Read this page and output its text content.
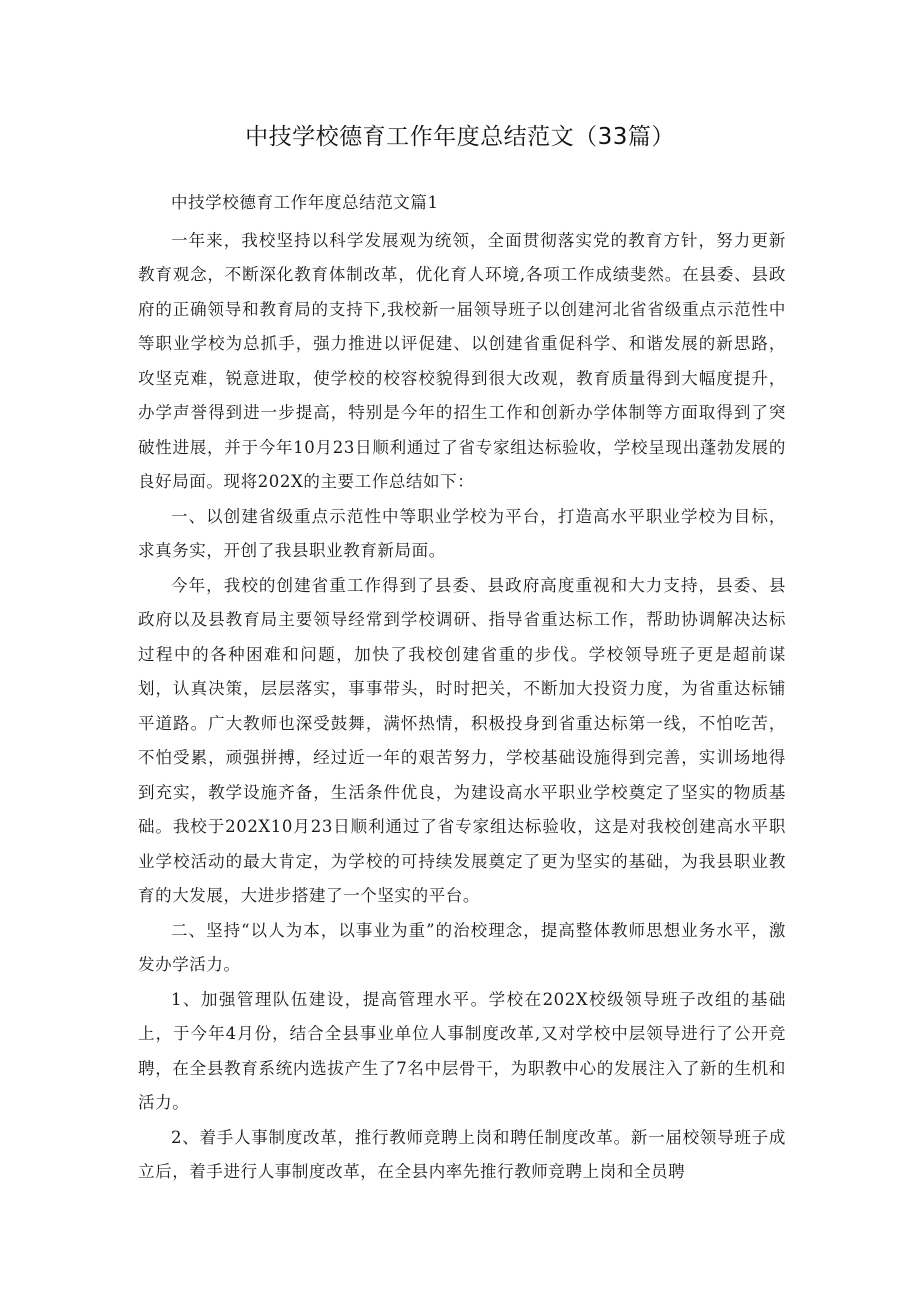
中技学校德育工作年度总结范文（33篇）

中技学校德育工作年度总结范文篇1

一年来，我校坚持以科学发展观为统领，全面贯彻落实党的教育方针，努力更新教育观念，不断深化教育体制改革，优化育人环境,各项工作成绩斐然。在县委、县政府的正确领导和教育局的支持下,我校新一届领导班子以创建河北省省级重点示范性中等职业学校为总抓手，强力推进以评促建、以创建省重促科学、和谐发展的新思路，攻坚克难，锐意进取，使学校的校容校貌得到很大改观，教育质量得到大幅度提升，办学声誉得到进一步提高，特别是今年的招生工作和创新办学体制等方面取得到了突破性进展，并于今年10月23日顺利通过了省专家组达标验收，学校呈现出蓬勃发展的良好局面。现将202X的主要工作总结如下：

一、以创建省级重点示范性中等职业学校为平台，打造高水平职业学校为目标，求真务实，开创了我县职业教育新局面。

今年，我校的创建省重工作得到了县委、县政府高度重视和大力支持，县委、县政府以及县教育局主要领导经常到学校调研、指导省重达标工作，帮助协调解决达标过程中的各种困难和问题，加快了我校创建省重的步伐。学校领导班子更是超前谋划，认真决策，层层落实，事事带头，时时把关，不断加大投资力度，为省重达标铺平道路。广大教师也深受鼓舞，满怀热情，积极投身到省重达标第一线，不怕吃苦，不怕受累，顽强拼搏，经过近一年的艰苦努力，学校基础设施得到完善，实训场地得到充实，教学设施齐备，生活条件优良，为建设高水平职业学校奠定了坚实的物质基础。我校于202X10月23日顺利通过了省专家组达标验收，这是对我校创建高水平职业学校活动的最大肯定，为学校的可持续发展奠定了更为坚实的基础，为我县职业教育的大发展，大进步搭建了一个坚实的平台。

二、坚持“以人为本，以事业为重”的治校理念，提高整体教师思想业务水平，激发办学活力。

1、加强管理队伍建设，提高管理水平。学校在202X校级领导班子改组的基础上，于今年4月份，结合全县事业单位人事制度改革,又对学校中层领导进行了公开竞聘，在全县教育系统内选拔产生了7名中层骨干，为职教中心的发展注入了新的生机和活力。

2、着手人事制度改革，推行教师竞聘上岗和聘任制度改革。新一届校领导班子成立后，着手进行人事制度改革，在全县内率先推行教师竞聘上岗和全员聘
